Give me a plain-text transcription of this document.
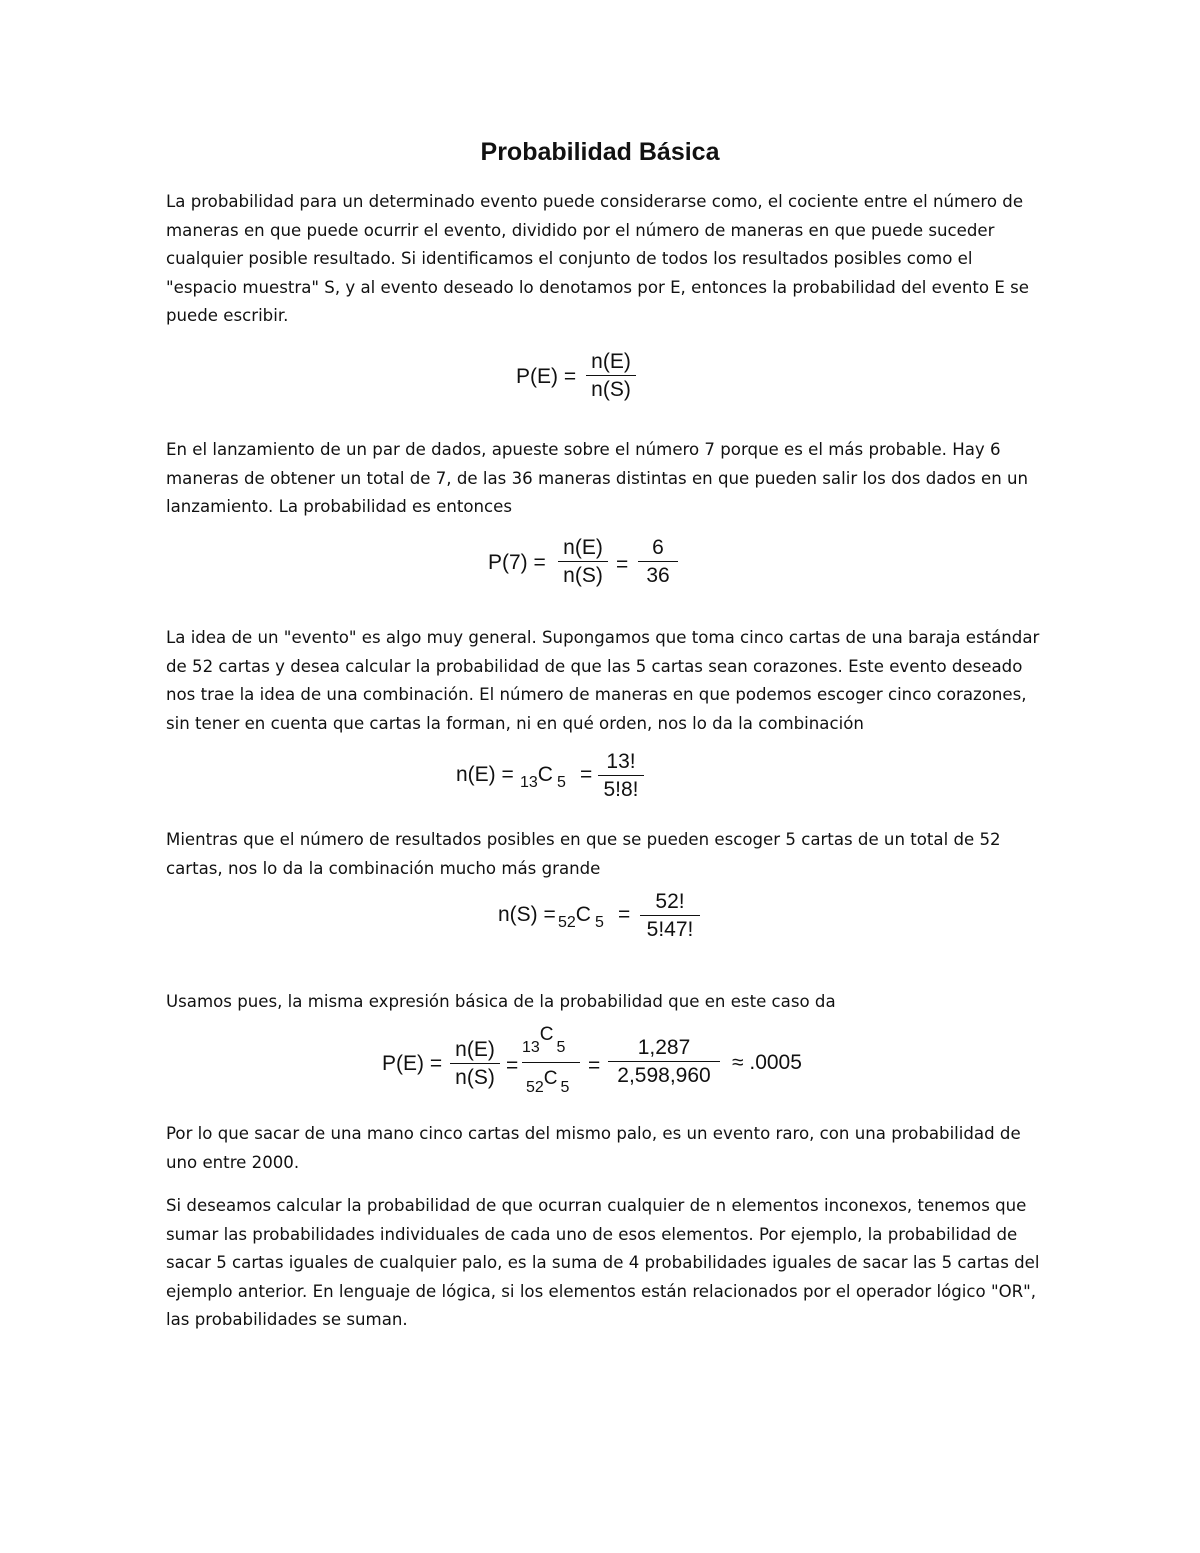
Probabilidad Básica

La probabilidad para un determinado evento puede considerarse como, el cociente entre el número de maneras en que puede ocurrir el evento, dividido por el número de maneras en que puede suceder cualquier posible resultado. Si identificamos el conjunto de todos los resultados posibles como el "espacio muestra" S, y al evento deseado lo denotamos por E, entonces la probabilidad del evento E se puede escribir.

P(E) =
n(E)
n(S)

En el lanzamiento de un par de dados, apueste sobre el número 7 porque es el más probable. Hay 6 maneras de obtener un total de 7, de las 36 maneras distintas en que pueden salir los dos dados en un lanzamiento. La probabilidad es entonces

P(7) =
n(E)
n(S) =
6
36

La idea de un "evento" es algo muy general. Supongamos que toma cinco cartas de una baraja estándar de 52 cartas y desea calcular la probabilidad de que las 5 cartas sean corazones. Este evento deseado nos trae la idea de una combinación. El número de maneras en que podemos escoger cinco corazones, sin tener en cuenta que cartas la forman, ni en qué orden, nos lo da la combinación

n(E) = $_{13}$C $_5$ =
13!
5!8!

Mientras que el número de resultados posibles en que se pueden escoger 5 cartas de un total de 52 cartas, nos lo da la combinación mucho más grande

n(S) = $_{52}$C $_5$ =
52!
5!47!

Usamos pues, la misma expresión básica de la probabilidad que en este caso da

P(E) =
n(E)
n(S)
=
$_{13}C_5$
$_{52}$C $_5$
=
1,287
2,598,960
≈ .0005

Por lo que sacar de una mano cinco cartas del mismo palo, es un evento raro, con una probabilidad de uno entre 2000.

Si deseamos calcular la probabilidad de que ocurran cualquier de n elementos inconexos, tenemos que sumar las probabilidades individuales de cada uno de esos elementos. Por ejemplo, la probabilidad de sacar 5 cartas iguales de cualquier palo, es la suma de 4 probabilidades iguales de sacar las 5 cartas del ejemplo anterior. En lenguaje de lógica, si los elementos están relacionados por el operador lógico "OR", las probabilidades se suman.
